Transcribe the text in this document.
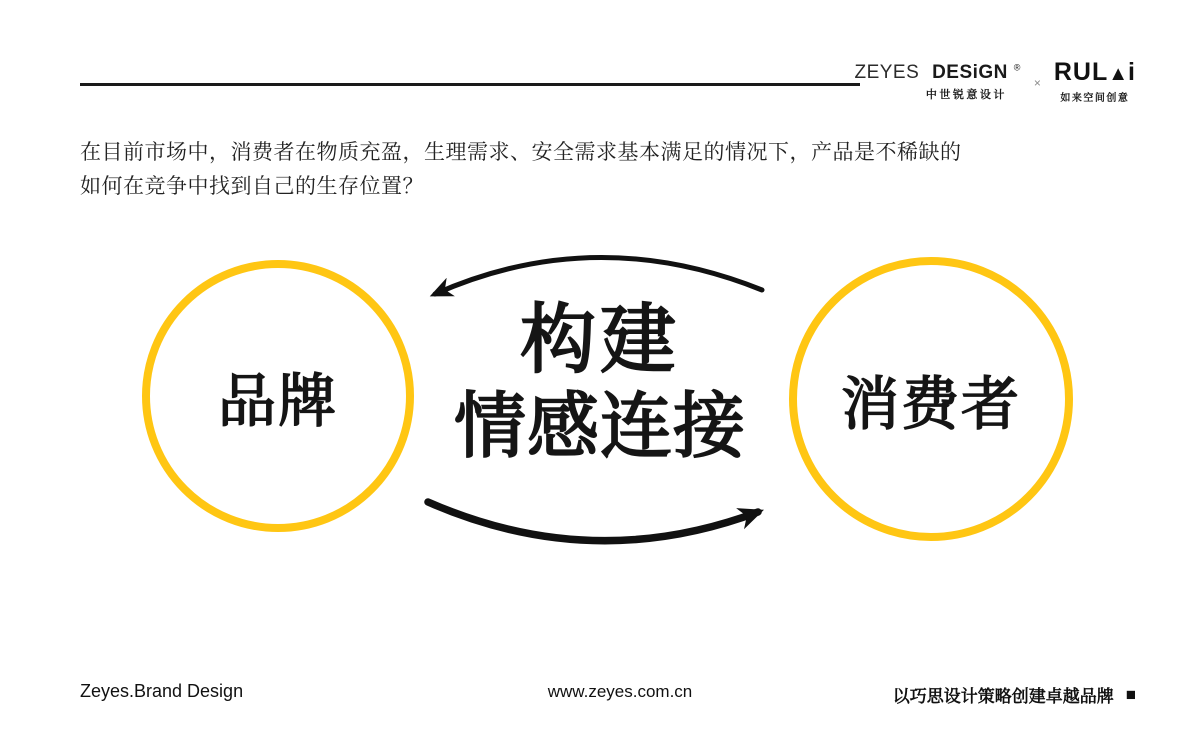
ZEYES DESiGN ®
中世锐意设计
× RUL▲i
如来空间创意
在目前市场中，消费者在物质充盈，生理需求、安全需求基本满足的情况下，产品是不稀缺的
如何在竞争中找到自己的生存位置？
品牌	消费者
构建
情感连接
Zeyes.Brand Design	www.zeyes.com.cn	以巧思设计策略创建卓越品牌 ■
